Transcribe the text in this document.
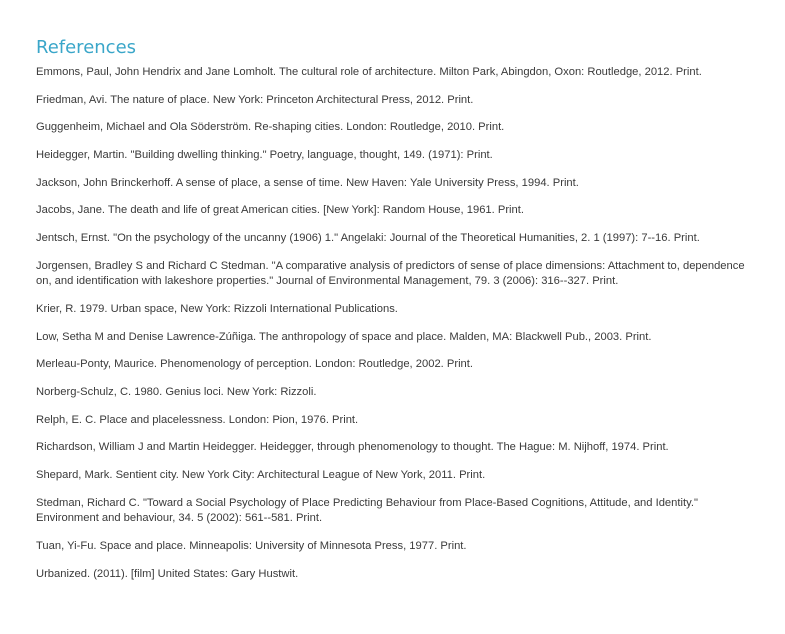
References
Emmons, Paul, John Hendrix and Jane Lomholt. The cultural role of architecture. Milton Park, Abingdon, Oxon: Routledge, 2012. Print.
Friedman, Avi. The nature of place. New York: Princeton Architectural Press, 2012. Print.
Guggenheim, Michael and Ola Söderström. Re-shaping cities. London: Routledge, 2010. Print.
Heidegger, Martin. "Building dwelling thinking." Poetry, language, thought, 149. (1971): Print.
Jackson, John Brinckerhoff. A sense of place, a sense of time. New Haven: Yale University Press, 1994. Print.
Jacobs, Jane. The death and life of great American cities. [New York]: Random House, 1961. Print.
Jentsch, Ernst. "On the psychology of the uncanny (1906) 1." Angelaki: Journal of the Theoretical Humanities, 2. 1 (1997): 7--16. Print.
Jorgensen, Bradley S and Richard C Stedman. "A comparative analysis of predictors of sense of place dimensions: Attachment to, dependence on, and identification with lakeshore properties." Journal of Environmental Management, 79. 3 (2006): 316--327. Print.
Krier, R. 1979. Urban space, New York: Rizzoli International Publications.
Low, Setha M and Denise Lawrence-Zúñiga. The anthropology of space and place. Malden, MA: Blackwell Pub., 2003. Print.
Merleau-Ponty, Maurice. Phenomenology of perception. London: Routledge, 2002. Print.
Norberg-Schulz, C. 1980. Genius loci. New York: Rizzoli.
Relph, E. C. Place and placelessness. London: Pion, 1976. Print.
Richardson, William J and Martin Heidegger. Heidegger, through phenomenology to thought. The Hague: M. Nijhoff, 1974. Print.
Shepard, Mark. Sentient city. New York City: Architectural League of New York, 2011. Print.
Stedman, Richard C. "Toward a Social Psychology of Place Predicting Behaviour from Place-Based Cognitions, Attitude, and Identity." Environment and behaviour, 34. 5 (2002): 561--581. Print.
Tuan, Yi-Fu. Space and place. Minneapolis: University of Minnesota Press, 1977. Print.
Urbanized. (2011). [film] United States: Gary Hustwit.
